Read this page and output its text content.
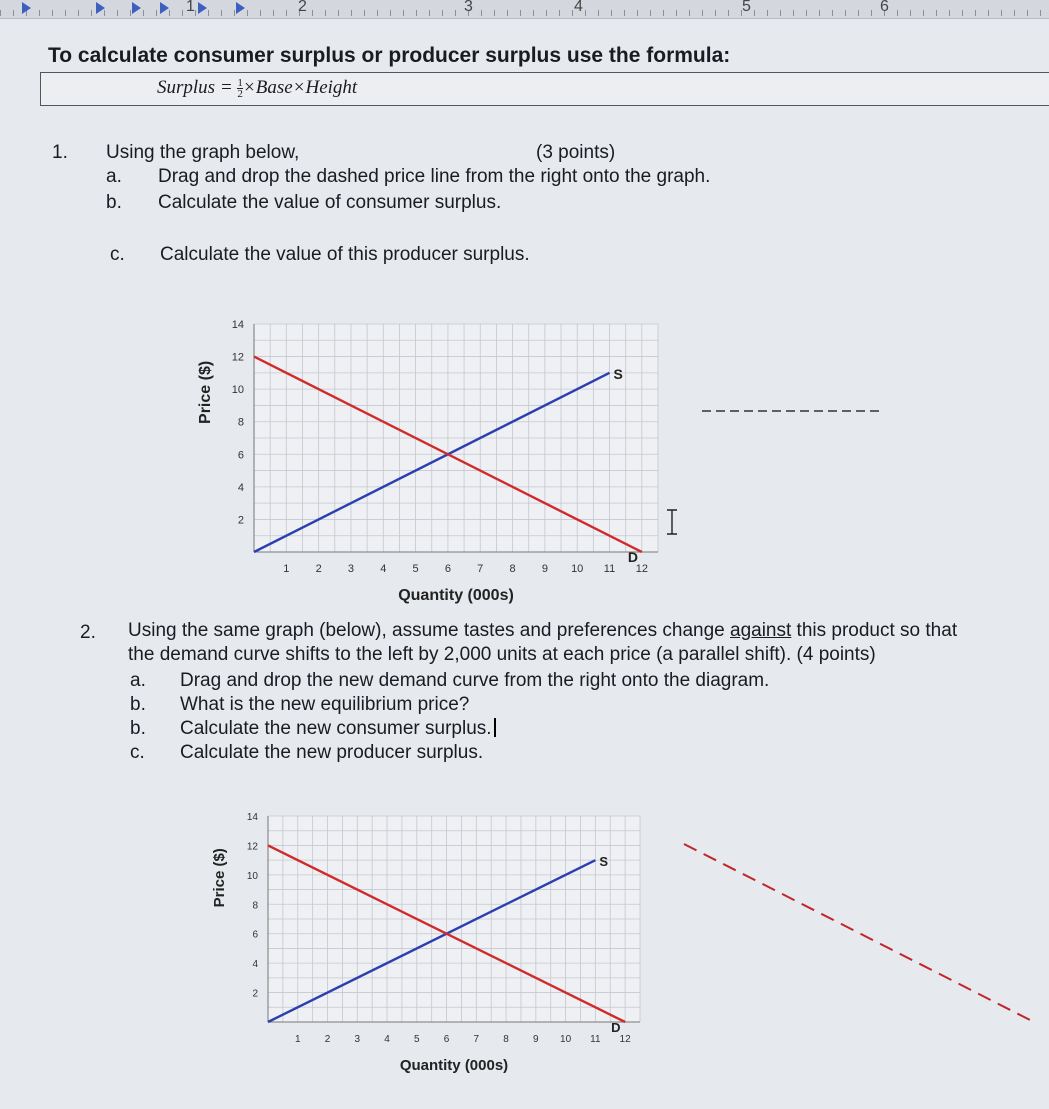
1	2	3	4	5	6
To calculate consumer surplus or producer surplus use the formula:
Surplus = $\frac{1}{2}$ ×Base×Height
1. Using the graph below,	(3 points)
a. Drag and drop the dashed price line from the right onto the graph.
b. Calculate the value of consumer surplus.
c. Calculate the value of this producer surplus.
2
4
6
8
10
12
14
1 2 3 4 5 6 7 8 9 10 11 12
Quantity (000s)
Price ($)	S
D
2. Using the same graph (below), assume tastes and preferences change against this product so that
the demand curve shifts to the left by 2,000 units at each price (a parallel shift). (4 points)
a. Drag and drop the new demand curve from the right onto the diagram.
b. What is the new equilibrium price?
b. Calculate the new consumer surplus.
c. Calculate the new producer surplus.
2
4
6
8
10
12
14
1 2 3 4 5 6 7 8 9 10 11 12
Quantity (000s)
Price ($)	S
D
